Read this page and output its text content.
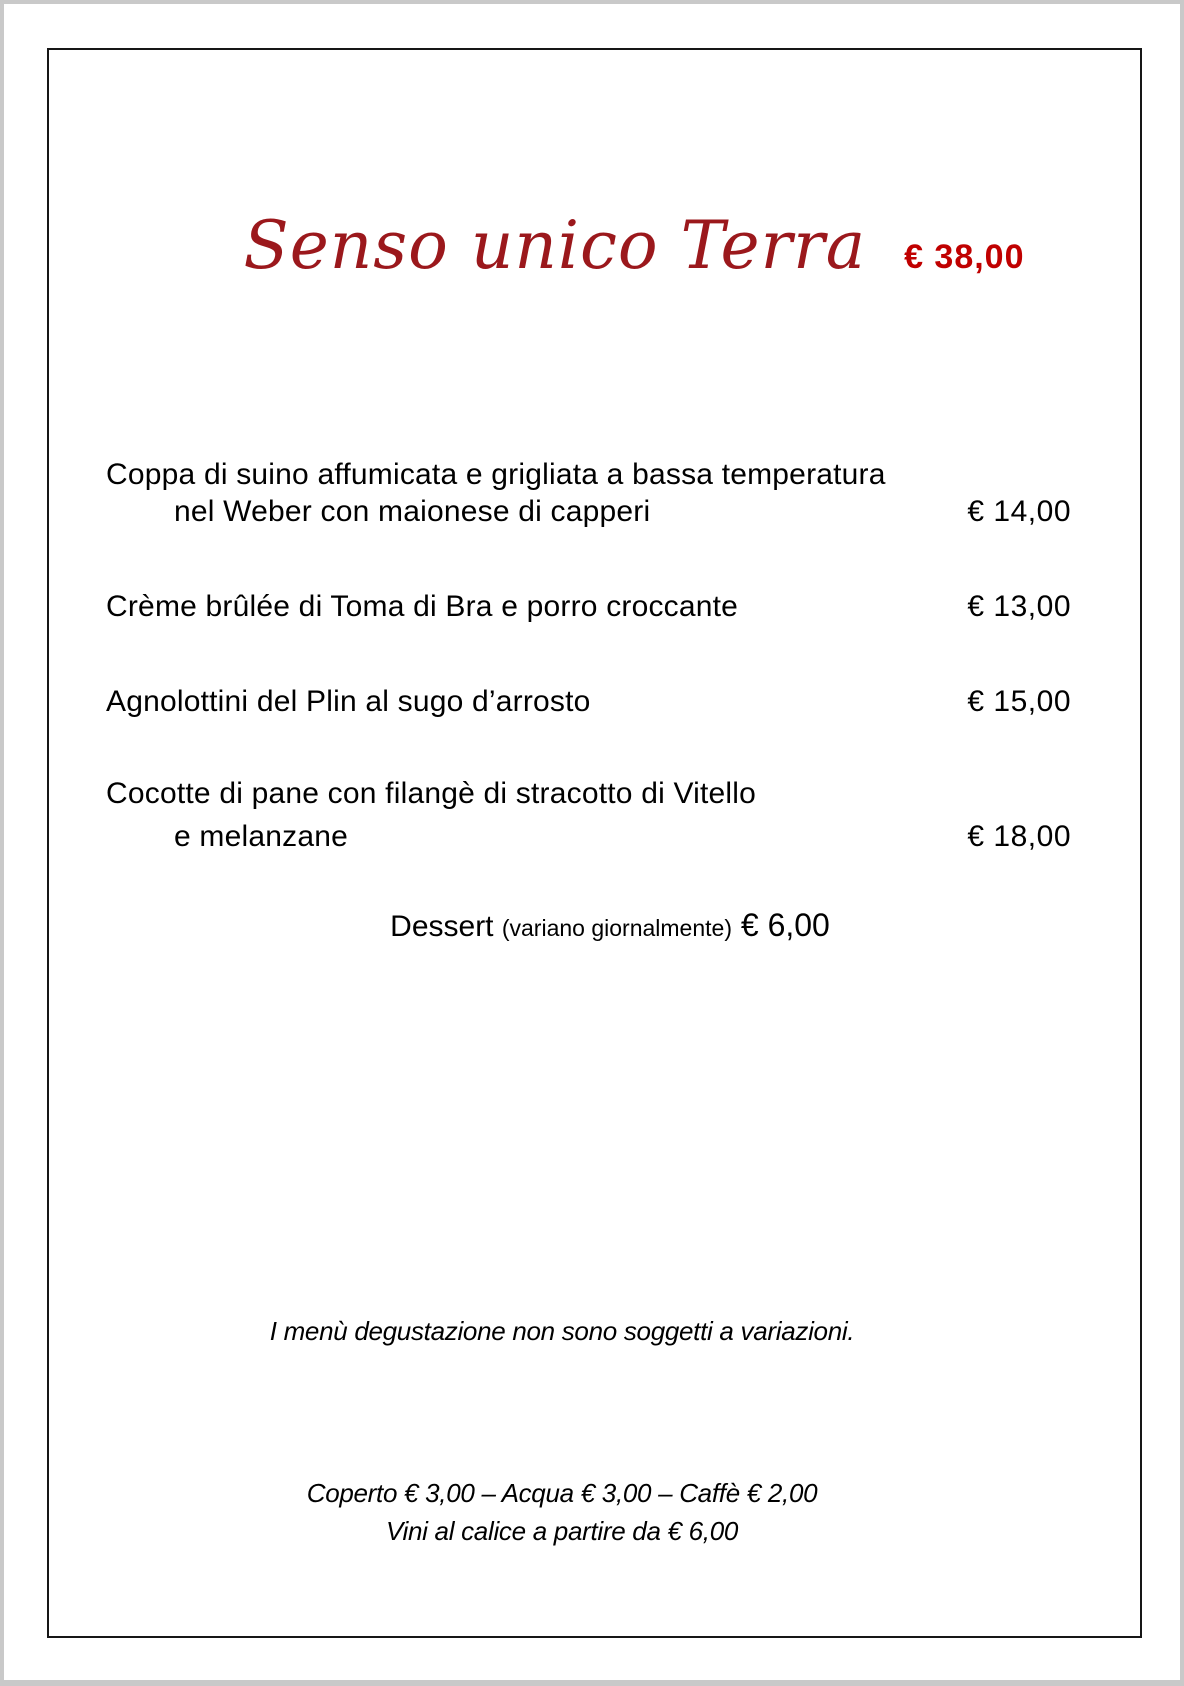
Senso unico Terra € 38,00
Coppa di suino affumicata e grigliata a bassa temperatura
nel Weber con maionese di capperi	€ 14,00
Crème brûlée di Toma di Bra e porro croccante	€ 13,00
Agnolottini del Plin al sugo d’arrosto	€ 15,00
Cocotte di pane con filangè di stracotto di Vitello
e melanzane	€ 18,00
Dessert (variano giornalmente) € 6,00
I menù degustazione non sono soggetti a variazioni.
Coperto € 3,00 – Acqua € 3,00 – Caffè € 2,00
Vini al calice a partire da € 6,00
